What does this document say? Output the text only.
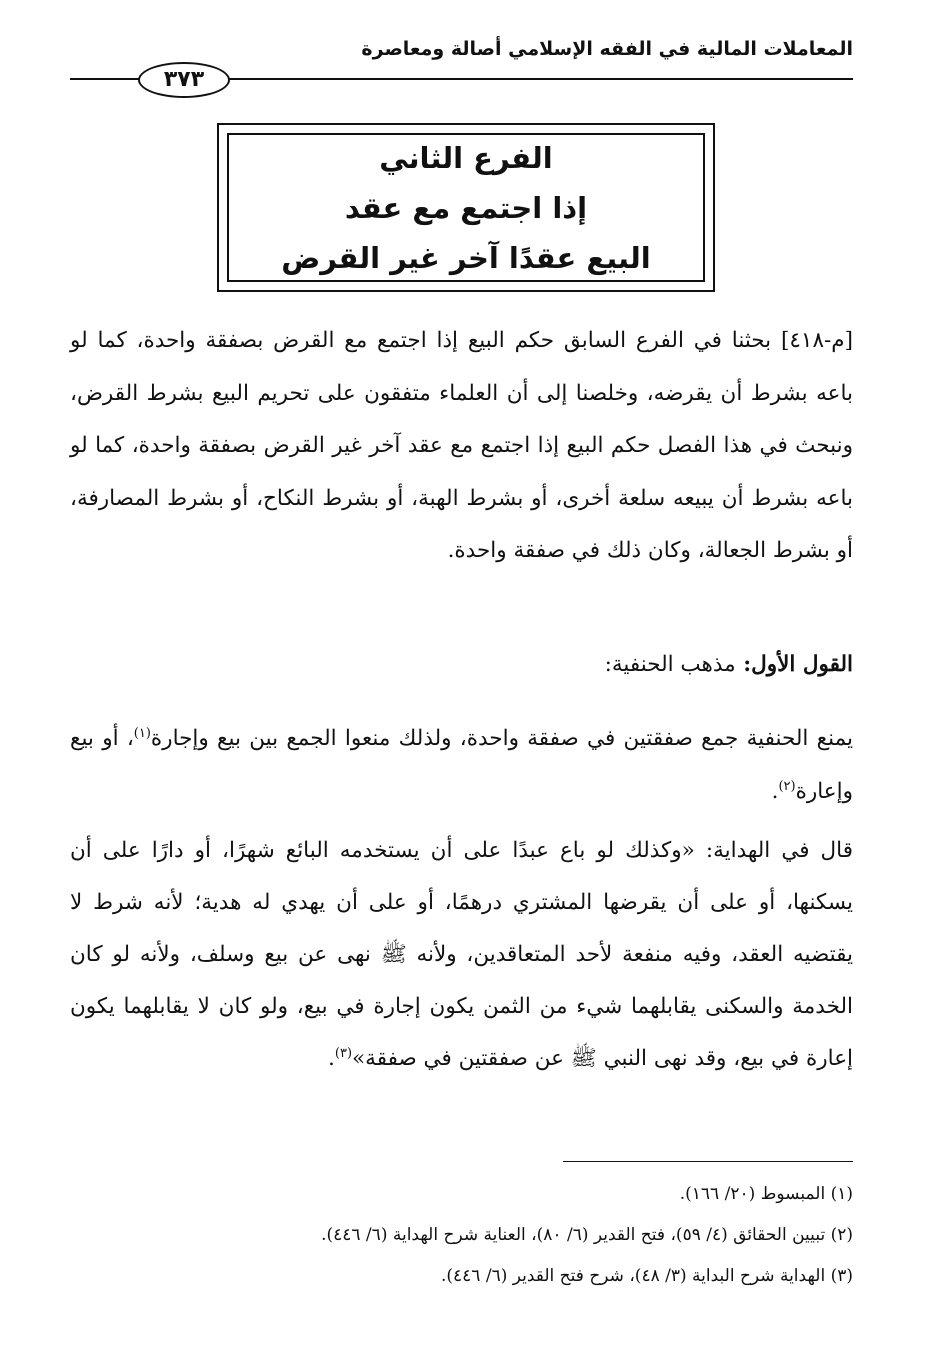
المعاملات المالية في الفقه الإسلامي أصالة ومعاصرة
٣٧٣
الفرع الثاني
إذا اجتمع مع عقد
البيع عقدًا آخر غير القرض

[م-٤١٨] بحثنا في الفرع السابق حكم البيع إذا اجتمع مع القرض بصفقة واحدة، كما لو باعه بشرط أن يقرضه، وخلصنا إلى أن العلماء متفقون على تحريم البيع بشرط القرض، ونبحث في هذا الفصل حكم البيع إذا اجتمع مع عقد آخر غير القرض بصفقة واحدة، كما لو باعه بشرط أن يبيعه سلعة أخرى، أو بشرط الهبة، أو بشرط النكاح، أو بشرط المصارفة، أو بشرط الجعالة، وكان ذلك في صفقة واحدة.

القول الأول: مذهب الحنفية:

يمنع الحنفية جمع صفقتين في صفقة واحدة، ولذلك منعوا الجمع بين بيع وإجارة$^{(١)}$، أو بيع وإعارة$^{(٢)}$.

قال في الهداية: «وكذلك لو باع عبدًا على أن يستخدمه البائع شهرًا، أو دارًا على أن يسكنها، أو على أن يقرضها المشتري درهمًا، أو على أن يهدي له هدية؛ لأنه شرط لا يقتضيه العقد، وفيه منفعة لأحد المتعاقدين، ولأنه ﷺ نهى عن بيع وسلف، ولأنه لو كان الخدمة والسكنى يقابلهما شيء من الثمن يكون إجارة في بيع، ولو كان لا يقابلهما يكون إعارة في بيع، وقد نهى النبي ﷺ عن صفقتين في صفقة»$^{(٣)}$.

(١) المبسوط (٢٠/ ١٦٦).

(٢) تبيين الحقائق (٤/ ٥٩)، فتح القدير (٦/ ٨٠)، العناية شرح الهداية (٦/ ٤٤٦).

(٣) الهداية شرح البداية (٣/ ٤٨)، شرح فتح القدير (٦/ ٤٤٦).
